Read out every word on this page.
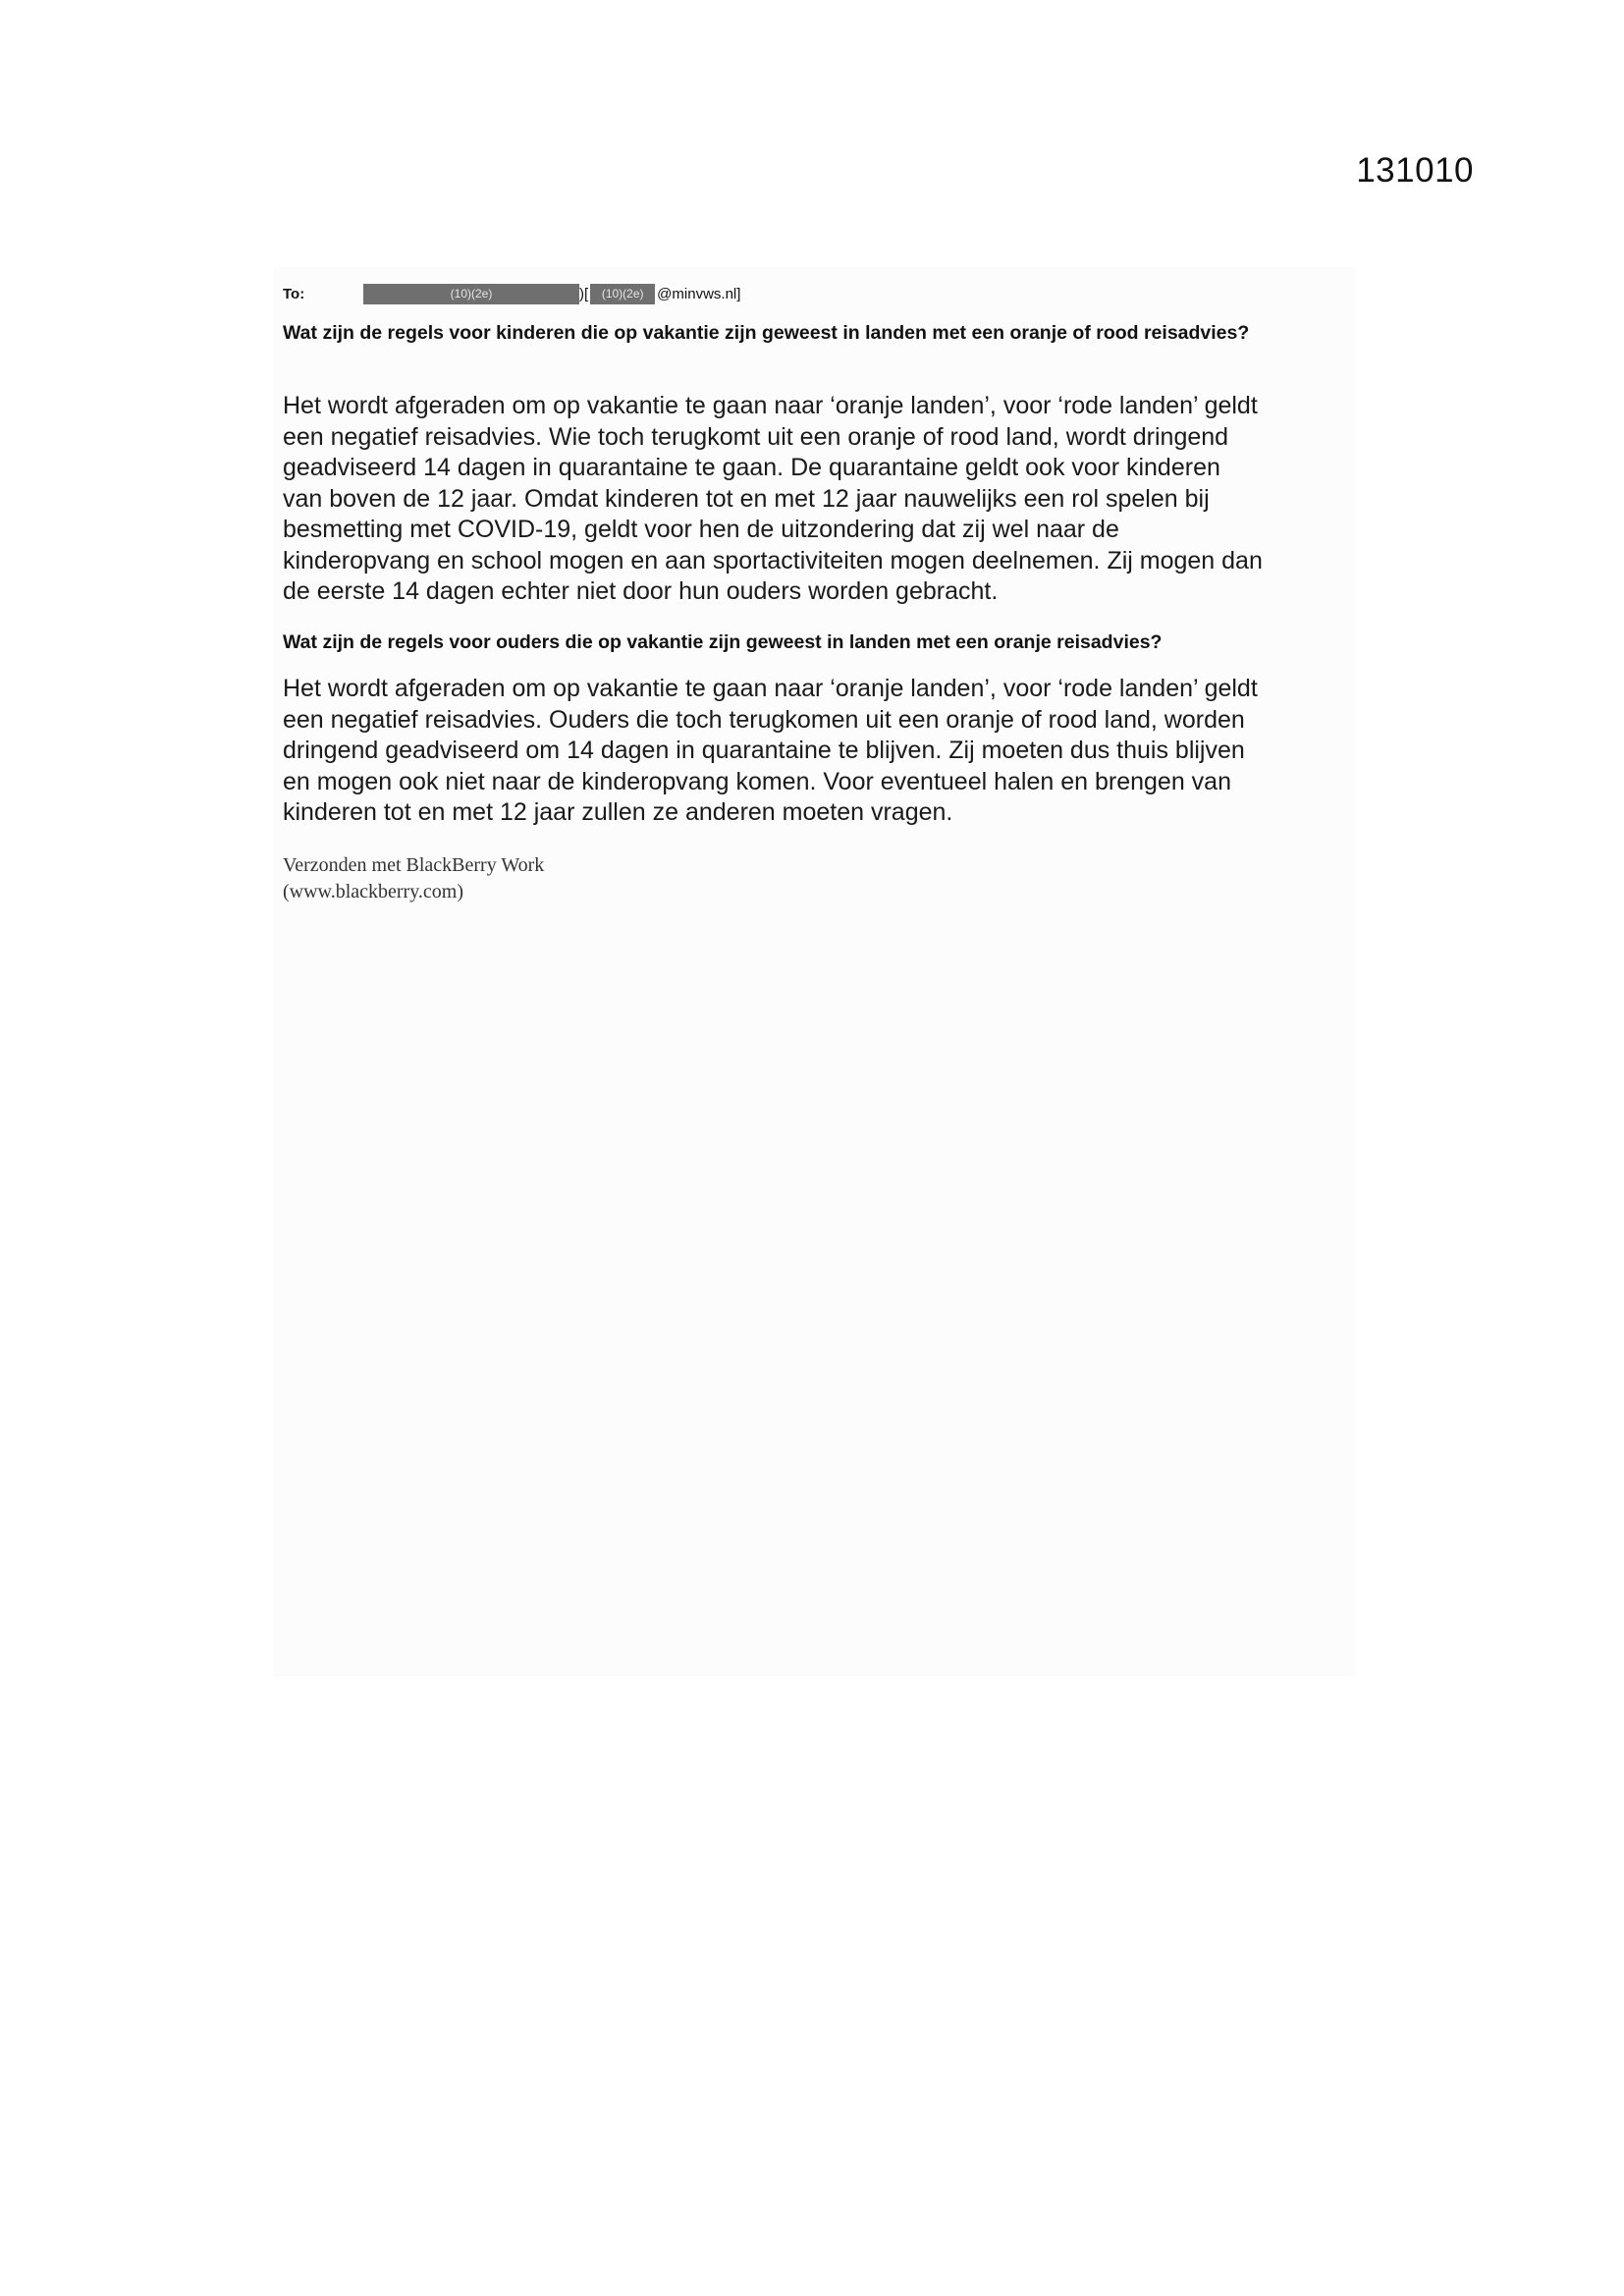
131010
To:	(10)(2e)	)[	(10)(2e) @minvws.nl]
Wat zijn de regels voor kinderen die op vakantie zijn geweest in landen met een oranje of rood reisadvies?
Het wordt afgeraden om op vakantie te gaan naar ‘oranje landen’, voor ‘rode landen’ geldt
een negatief reisadvies. Wie toch terugkomt uit een oranje of rood land, wordt dringend
geadviseerd 14 dagen in quarantaine te gaan. De quarantaine geldt ook voor kinderen
van boven de 12 jaar. Omdat kinderen tot en met 12 jaar nauwelijks een rol spelen bij
besmetting met COVID-19, geldt voor hen de uitzondering dat zij wel naar de
kinderopvang en school mogen en aan sportactiviteiten mogen deelnemen. Zij mogen dan
de eerste 14 dagen echter niet door hun ouders worden gebracht.
Wat zijn de regels voor ouders die op vakantie zijn geweest in landen met een oranje reisadvies?
Het wordt afgeraden om op vakantie te gaan naar ‘oranje landen’, voor ‘rode landen’ geldt
een negatief reisadvies. Ouders die toch terugkomen uit een oranje of rood land, worden
dringend geadviseerd om 14 dagen in quarantaine te blijven. Zij moeten dus thuis blijven
en mogen ook niet naar de kinderopvang komen. Voor eventueel halen en brengen van
kinderen tot en met 12 jaar zullen ze anderen moeten vragen.
Verzonden met BlackBerry Work
(www.blackberry.com)
